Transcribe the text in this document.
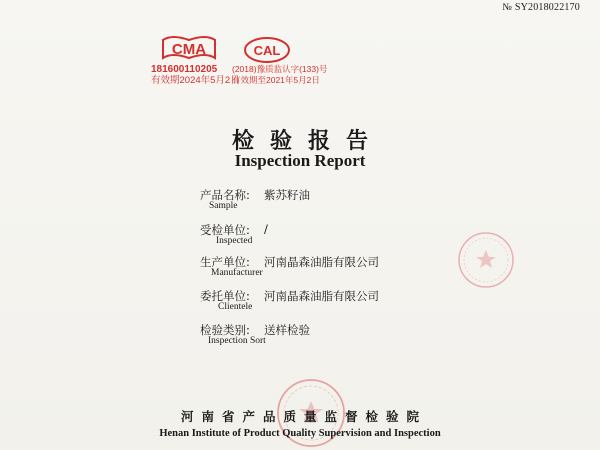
№ SY2018022170
CMA
181600110205
有效期2024年5月2日
CAL
(2018)豫质监认字(133)号
有效期至2021年5月2日
检验报告
Inspection Report
产品名称:
Sample
紫苏籽油
受检单位:
Inspected
/
生产单位:
Manufacturer
河南晶森油脂有限公司
委托单位:
Clientele
河南晶森油脂有限公司
检验类别:
Inspection Sort
送样检验
河南省产品质量监督检验院
Henan Institute of Product Quality Supervision and Inspection
